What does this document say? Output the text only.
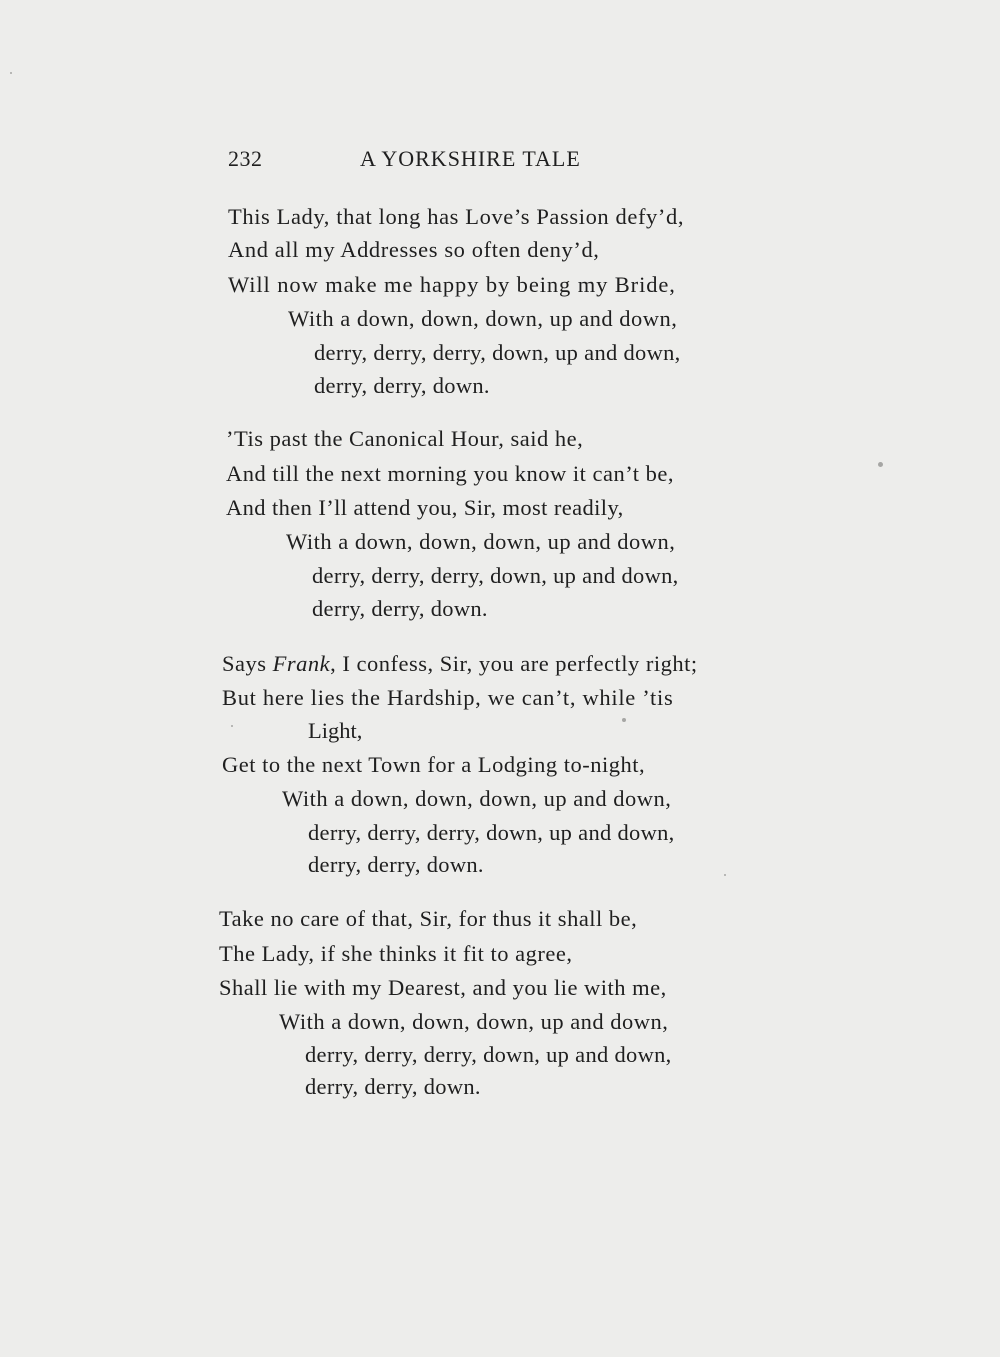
232	A YORKSHIRE TALE
This Lady, that long has Love’s Passion defy’d,
And all my Addresses so often deny’d,
Will now make me happy by being my Bride,
With a down, down, down, up and down,
derry, derry, derry, down, up and down,
derry, derry, down.
’Tis past the Canonical Hour, said he,
And till the next morning you know it can’t be,
And then I’ll attend you, Sir, most readily,
With a down, down, down, up and down,
derry, derry, derry, down, up and down,
derry, derry, down.
Says Frank, I confess, Sir, you are perfectly right;
But here lies the Hardship, we can’t, while ’tis
Light,
Get to the next Town for a Lodging to-night,
With a down, down, down, up and down,
derry, derry, derry, down, up and down,
derry, derry, down.
Take no care of that, Sir, for thus it shall be,
The Lady, if she thinks it fit to agree,
Shall lie with my Dearest, and you lie with me,
With a down, down, down, up and down,
derry, derry, derry, down, up and down,
derry, derry, down.
